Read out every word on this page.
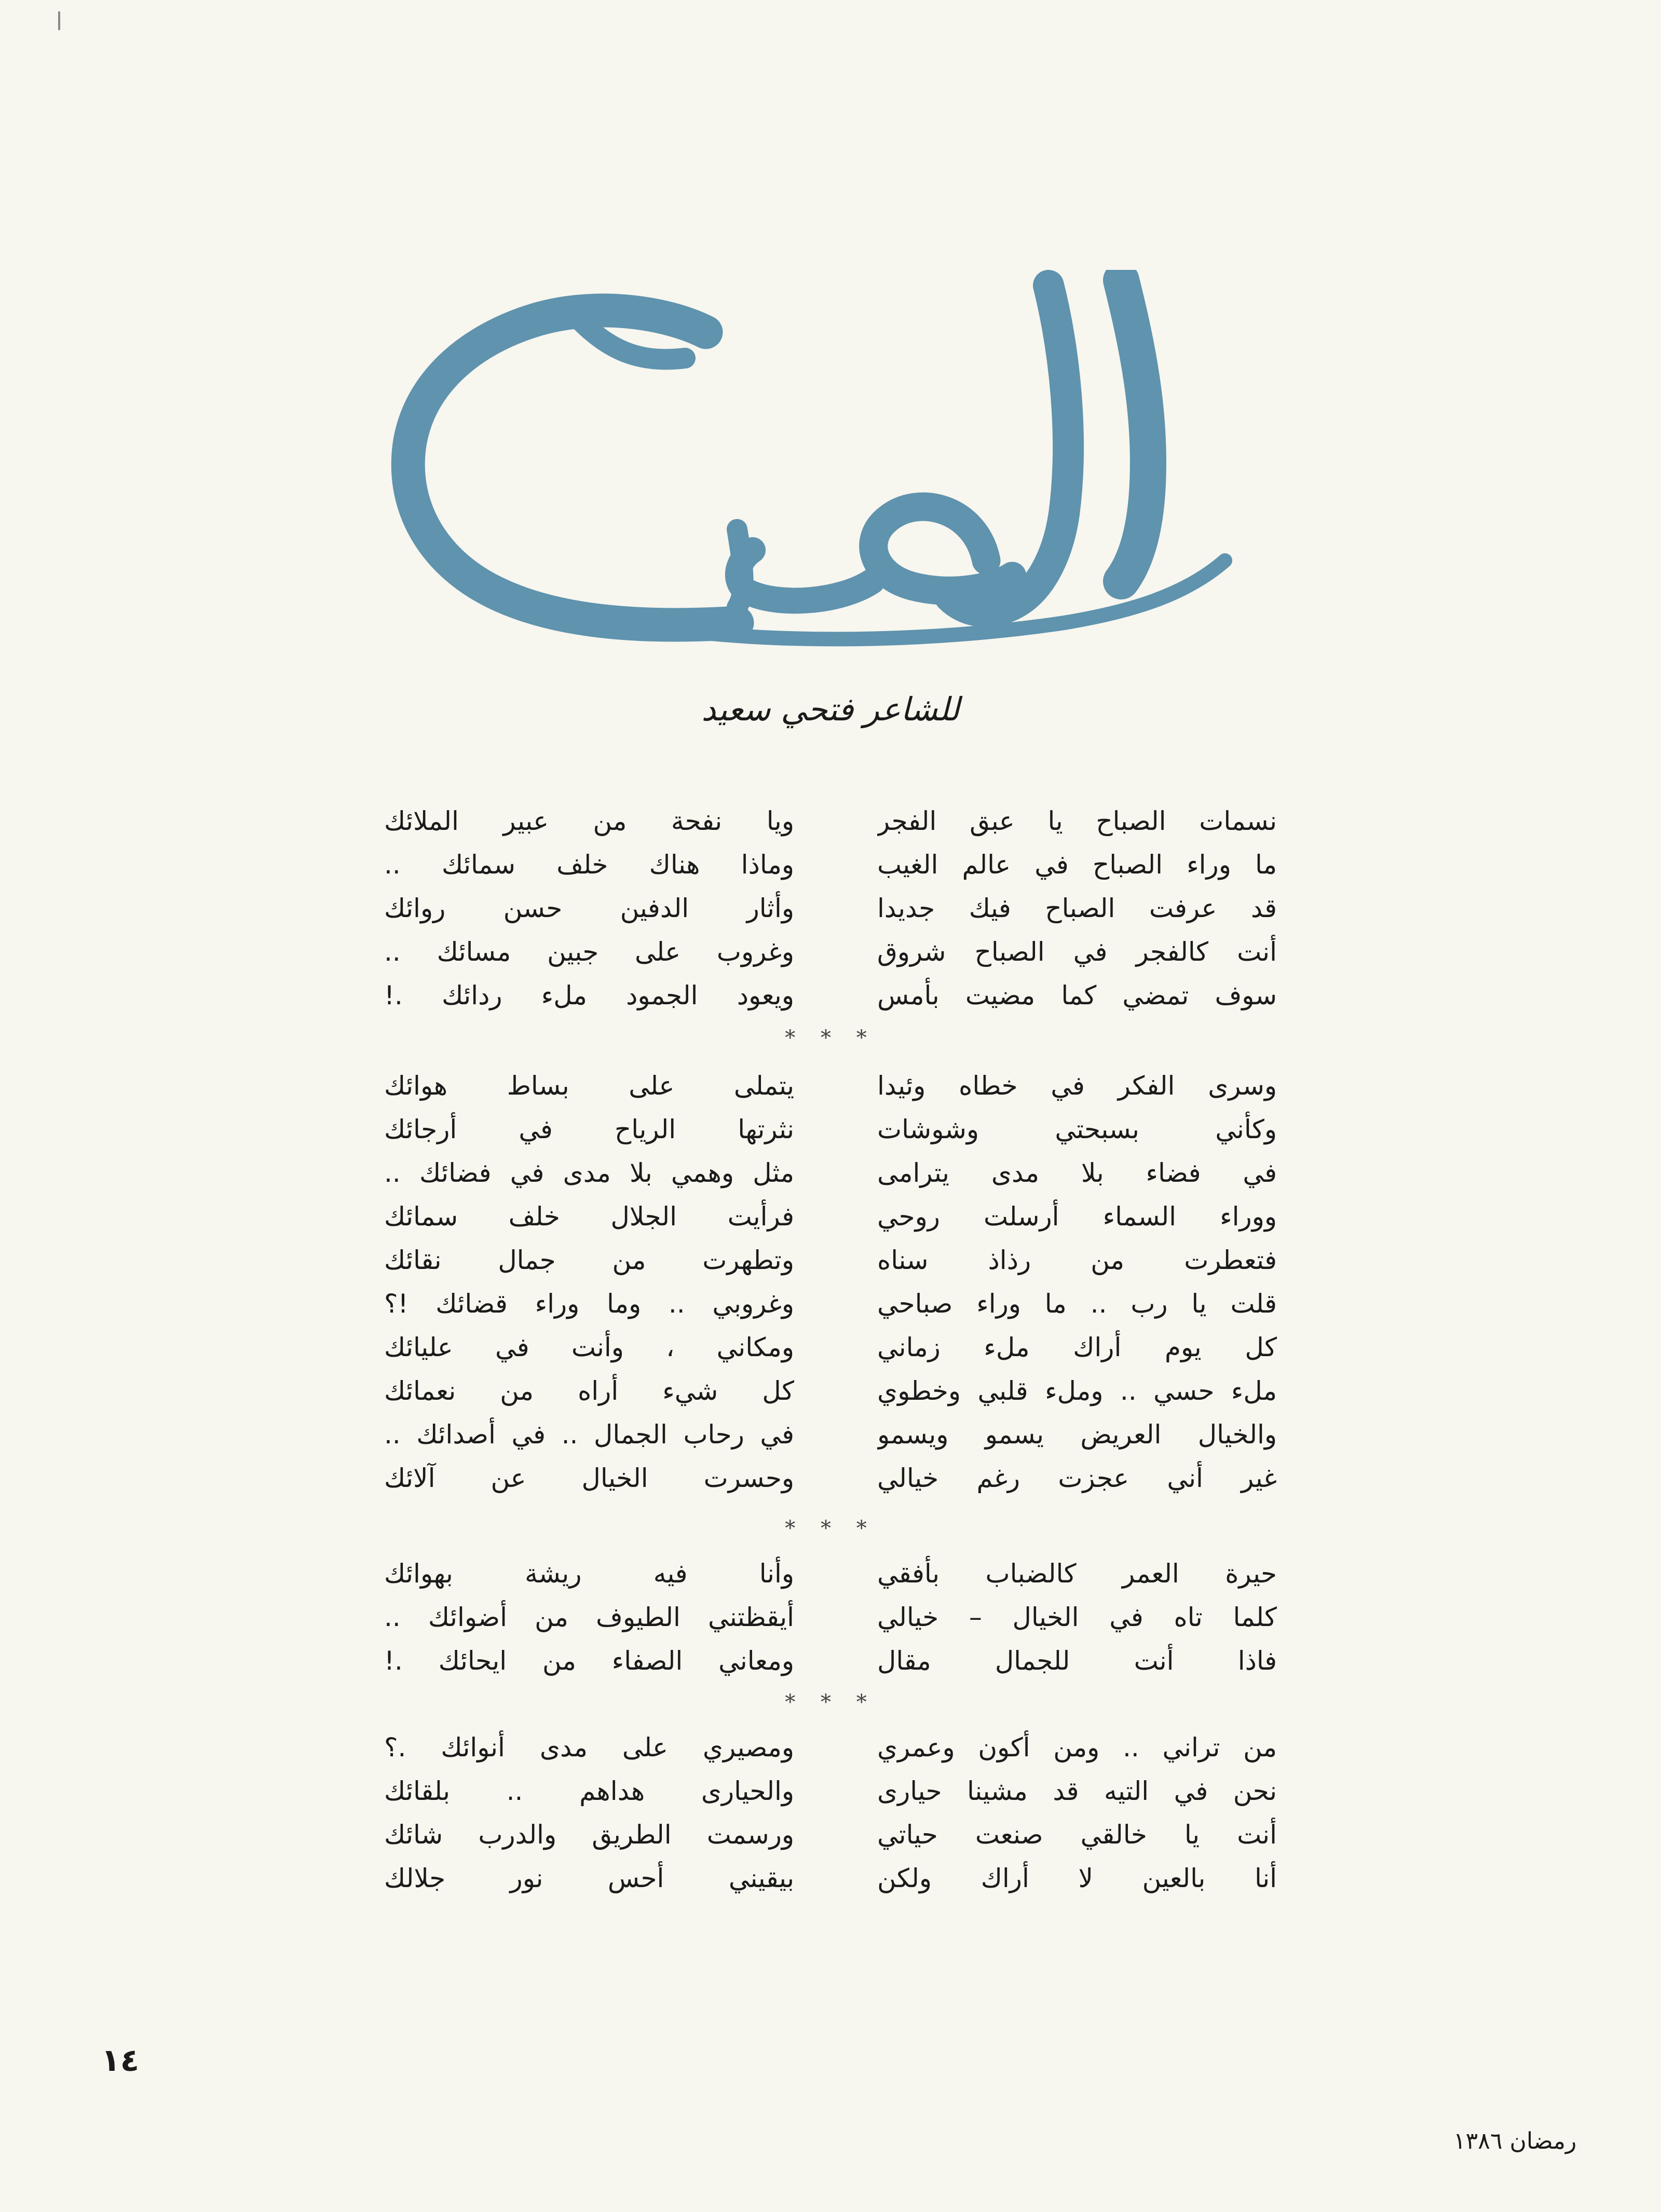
للشاعر فتحي سعيد
نسمات الصباح يا عبق الفجر
ويا نفحة من عبير الملائك
ما وراء الصباح في عالم الغيب
وماذا هناك خلف سمائك ..
قد عرفت الصباح فيك جديدا
وأثار الدفين حسن روائك
أنت كالفجر في الصباح شروق
وغروب على جبين مسائك ..
سوف تمضي كما مضيت بأمس
ويعود الجمود ملء ردائك .!
* * *
وسرى الفكر في خطاه وئيدا
يتملى على بساط هوائك
وكأني بسبحتي وشوشات
نثرتها الرياح في أرجائك
في فضاء بلا مدى يترامى
مثل وهمي بلا مدى في فضائك ..
ووراء السماء أرسلت روحي
فرأيت الجلال خلف سمائك
فتعطرت من رذاذ سناه
وتطهرت من جمال نقائك
قلت يا رب .. ما وراء صباحي
وغروبي .. وما وراء قضائك !؟
كل يوم أراك ملء زماني
ومكاني ، وأنت في عليائك
ملء حسي .. وملء قلبي وخطوي
كل شيء أراه من نعمائك
والخيال العريض يسمو ويسمو
في رحاب الجمال .. في أصدائك ..
غير أني عجزت رغم خيالي
وحسرت الخيال عن آلائك
* * *
حيرة العمر كالضباب بأفقي
وأنا فيه ريشة بهوائك
كلما تاه في الخيال – خيالي
أيقظتني الطيوف من أضوائك ..
فاذا أنت للجمال مقال
ومعاني الصفاء من ايحائك .!
* * *
من تراني .. ومن أكون وعمري
ومصيري على مدى أنوائك .؟
نحن في التيه قد مشينا حيارى
والحيارى هداهم .. بلقائك
أنت يا خالقي صنعت حياتي
ورسمت الطريق والدرب شائك
أنا بالعين لا أراك ولكن
بيقيني أحس نور جلالك
١٤
رمضان ١٣٨٦
